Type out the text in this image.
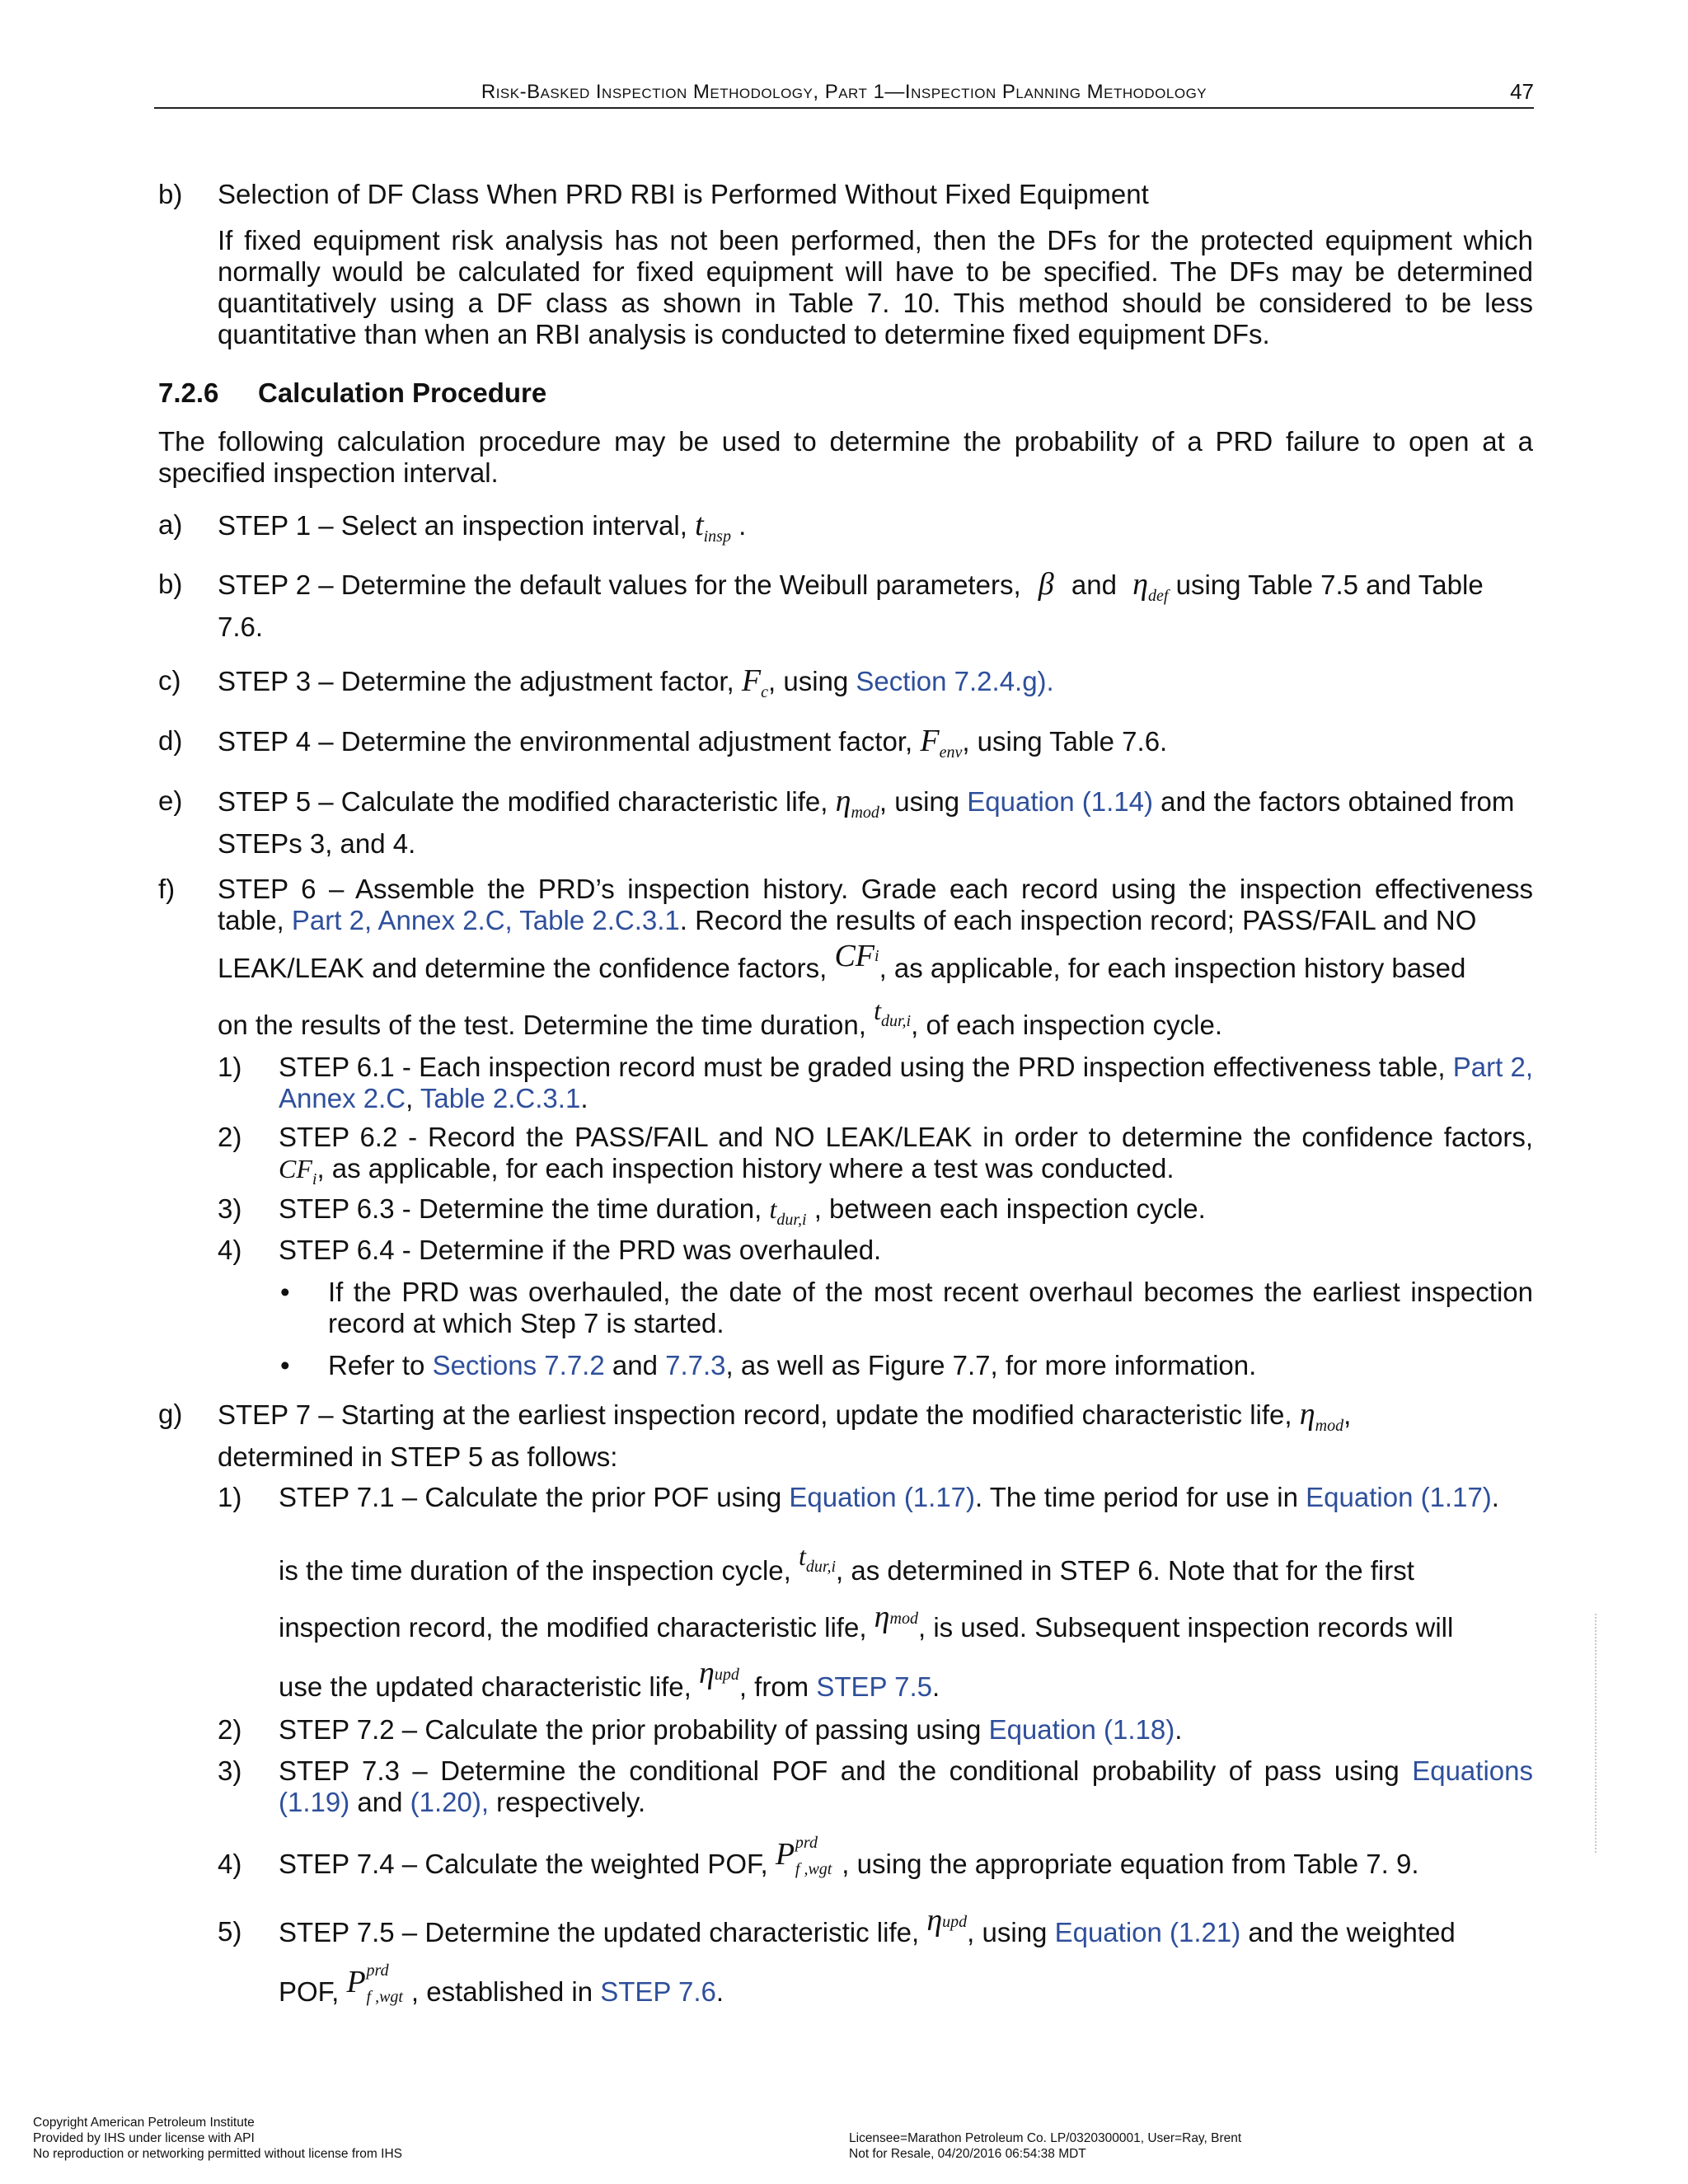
Risk-Basked Inspection Methodology, Part 1—Inspection Planning Methodology	47
b) Selection of DF Class When PRD RBI is Performed Without Fixed Equipment
If fixed equipment risk analysis has not been performed, then the DFs for the protected equipment which normally would be calculated for fixed equipment will have to be specified. The DFs may be determined quantitatively using a DF class as shown in Table 7. 10. This method should be considered to be less quantitative than when an RBI analysis is conducted to determine fixed equipment DFs.
7.2.6 Calculation Procedure
The following calculation procedure may be used to determine the probability of a PRD failure to open at a specified inspection interval.
a) STEP 1 – Select an inspection interval, $t_{insp}$ .
b) STEP 2 – Determine the default values for the Weibull parameters, β and $\eta_{def}$ using Table 7.5 and Table 7.6.
c) STEP 3 – Determine the adjustment factor, $F_c$, using Section 7.2.4.g).
d) STEP 4 – Determine the environmental adjustment factor, $F_{env}$, using Table 7.6.
e) STEP 5 – Calculate the modified characteristic life, $\eta_{mod}$, using Equation (1.14) and the factors obtained from STEPs 3, and 4.
f) STEP 6 – Assemble the PRD’s inspection history. Grade each record using the inspection effectiveness table, Part 2, Annex 2.C, Table 2.C.3.1. Record the results of each inspection record; PASS/FAIL and NO
LEAK/LEAK and determine the confidence factors, $CF_i$, as applicable, for each inspection history based
on the results of the test. Determine the time duration, $t_{dur,i}$, of each inspection cycle.
1) STEP 6.1 - Each inspection record must be graded using the PRD inspection effectiveness table, Part 2, Annex 2.C, Table 2.C.3.1.
2) STEP 6.2 - Record the PASS/FAIL and NO LEAK/LEAK in order to determine the confidence factors, $CF_i$, as applicable, for each inspection history where a test was conducted.
3) STEP 6.3 - Determine the time duration, $t_{dur,i}$ , between each inspection cycle.
4) STEP 6.4 - Determine if the PRD was overhauled.
• If the PRD was overhauled, the date of the most recent overhaul becomes the earliest inspection record at which Step 7 is started.
• Refer to Sections 7.7.2 and 7.7.3, as well as Figure 7.7, for more information.
g) STEP 7 – Starting at the earliest inspection record, update the modified characteristic life, $\eta_{mod}$,
determined in STEP 5 as follows:
1) STEP 7.1 – Calculate the prior POF using Equation (1.17). The time period for use in Equation (1.17).
is the time duration of the inspection cycle, $t_{dur,i}$, as determined in STEP 6. Note that for the first
inspection record, the modified characteristic life, $\eta_{mod}$, is used. Subsequent inspection records will
use the updated characteristic life, $\eta_{upd}$, from STEP 7.5.
2) STEP 7.2 – Calculate the prior probability of passing using Equation (1.18).
3) STEP 7.3 – Determine the conditional POF and the conditional probability of pass using Equations (1.19) and (1.20), respectively.
4) STEP 7.4 – Calculate the weighted POF, P prd
f ,wgt , using the appropriate equation from Table 7. 9.
5) STEP 7.5 – Determine the updated characteristic life, $\eta_{upd}$, using Equation (1.21) and the weighted
POF, P prd
f ,wgt , established in STEP 7.6.
Copyright American Petroleum Institute
Provided by IHS under license with API
No reproduction or networking permitted without license from IHS
Licensee=Marathon Petroleum Co. LP/0320300001, User=Ray, Brent
Not for Resale, 04/20/2016 06:54:38 MDT
